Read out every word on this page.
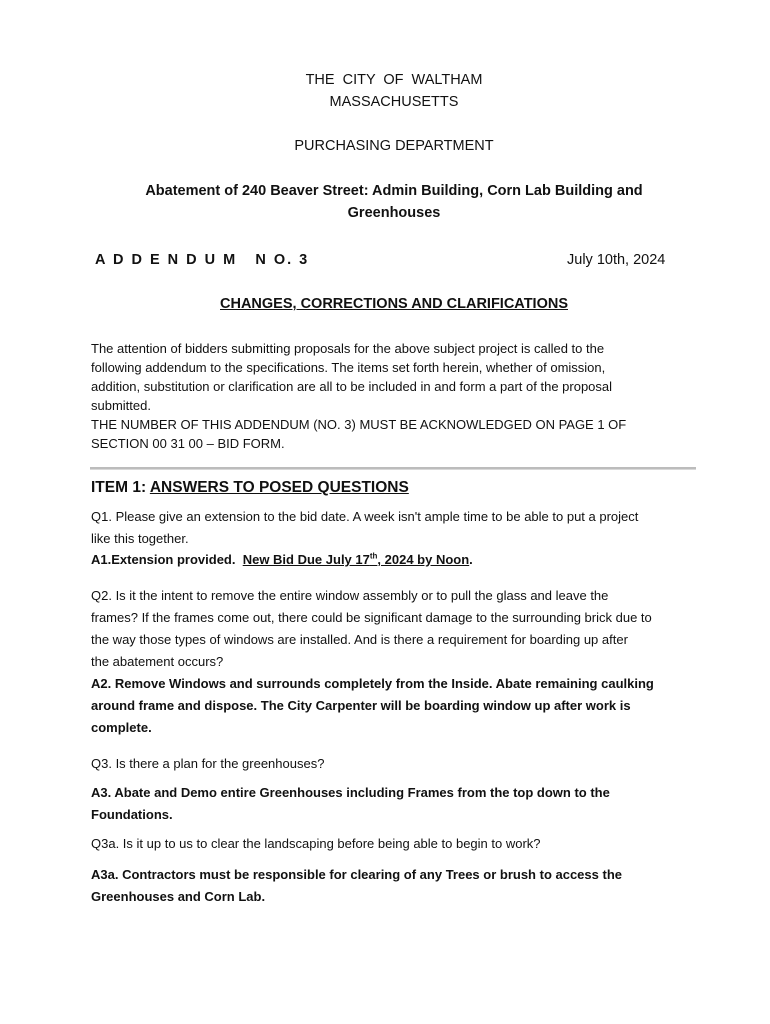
THE CITY OF WALTHAM
MASSACHUSETTS
PURCHASING DEPARTMENT
Abatement of 240 Beaver Street: Admin Building, Corn Lab Building and
Greenhouses
A D D E N D U M   N O. 3	July 10th, 2024
CHANGES, CORRECTIONS AND CLARIFICATIONS

The attention of bidders submitting proposals for the above subject project is called to the

following addendum to the specifications. The items set forth herein, whether of omission,

addition, substitution or clarification are all to be included in and form a part of the proposal

submitted.

THE NUMBER OF THIS ADDENDUM (NO. 3) MUST BE ACKNOWLEDGED ON PAGE 1 OF

SECTION 00 31 00 – BID FORM.

ITEM 1: ANSWERS TO POSED QUESTIONS
Q1. Please give an extension to the bid date. A week isn't ample time to be able to put a project
like this together.
A1.Extension provided.  New Bid Due July 17th, 2024 by Noon.
Q2. Is it the intent to remove the entire window assembly or to pull the glass and leave the
frames? If the frames come out, there could be significant damage to the surrounding brick due to
the way those types of windows are installed. And is there a requirement for boarding up after
the abatement occurs?
A2. Remove Windows and surrounds completely from the Inside. Abate remaining caulking
around frame and dispose. The City Carpenter will be boarding window up after work is
complete.
Q3. Is there a plan for the greenhouses?
A3. Abate and Demo entire Greenhouses including Frames from the top down to the
Foundations.
Q3a. Is it up to us to clear the landscaping before being able to begin to work?
A3a. Contractors must be responsible for clearing of any Trees or brush to access the
Greenhouses and Corn Lab.
